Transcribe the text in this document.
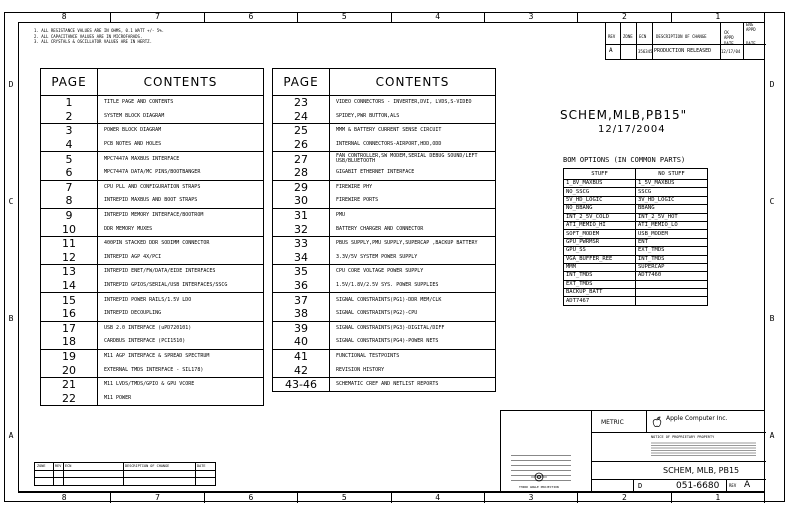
8	7	6	5	4	3	2	1
8	7	6	5	4	3	2	1
D
C
B
A
D
C
B
A
1. ALL RESISTANCE VALUES ARE IN OHMS, 0.1 WATT +/- 5%.
2. ALL CAPACITANCE VALUES ARE IN MICROFARADS.
3. ALL CRYSTALS & OSCILLATOR VALUES ARE IN HERTZ.
REV ZONE ECN DESCRIPTION OF CHANGE
CK APPD
ENG APPD
A	356345 PRODUCTION RELEASED 12/17/04
PAGE	CONTENTS
1	TITLE PAGE AND CONTENTS
2	SYSTEM BLOCK DIAGRAM
3	POWER BLOCK DIAGRAM
4	PCB NOTES AND HOLES
5	MPC7447A MAXBUS INTERFACE
6	MPC7447A DATA/MC PINS/BOOTBANGER
7	CPU PLL AND CONFIGURATION STRAPS
8	INTREPID MAXBUS AND BOOT STRAPS
9	INTREPID MEMORY INTERFACE/BOOTROM
10	DDR MEMORY MUXES
11	400PIN STACKED DDR SODIMM CONNECTOR
12	INTREPID AGP 4X/PCI
13	INTREPID ENET/FW/DATA/EIDE INTERFACES
14	INTREPID GPIOS/SERIAL/USB INTERFACES/SSCG
15	INTREPID POWER RAILS/1.5V LDO
16	INTREPID DECOUPLING
17	USB 2.0 INTERFACE (uPD720101)
18	CARDBUS INTERFACE (PCI1510)
19	M11 AGP INTERFACE & SPREAD SPECTRUM
20	EXTERNAL TMDS INTERFACE - SIL178)
21	M11 LVDS/TMDS/GPIO & GPU VCORE
22	M11 POWER
PAGE	CONTENTS
23	VIDEO CONNECTORS - INVERTER,DVI, LVDS,S-VIDEO
24	SPIDEY,PWR BUTTON,ALS
25	MMM & BATTERY CURRENT SENSE CIRCUIT
26	INTERNAL CONNECTORS-AIRPORT,HDD,ODD
27	FAN CONTROLLER,SW MODEM,SERIAL DEBUG SOUND/LEFT USB/BLUETOOTH
28	GIGABIT ETHERNET INTERFACE
29	FIREWIRE PHY
30	FIREWIRE PORTS
31	PMU
32	BATTERY CHARGER AND CONNECTOR
33	PBUS SUPPLY,PMU SUPPLY,SUPERCAP ,BACKUP BATTERY
34	3.3V/5V SYSTEM POWER SUPPLY
35	CPU CORE VOLTAGE POWER SUPPLY
36	1.5V/1.8V/2.5V SYS. POWER SUPPLIES
37	SIGNAL CONSTRAINTS(PG1)-DDR MEM/CLK
38	SIGNAL CONSTRAINTS(PG2)-CPU
39	SIGNAL CONSTRAINTS(PG3)-DIGITAL/DIFF
40	SIGNAL CONSTRAINTS(PG4)-POWER NETS
41	FUNCTIONAL TESTPOINTS
42	REVISION HISTORY
43-46	SCHEMATIC CREF AND NETLIST REPORTS
SCHEM,MLB,PB15"
12/17/2004
BOM OPTIONS (IN COMMON PARTS)
STUFF	NO STUFF
1_8V_MAXBUS	1_5V_MAXBUS
NO_SSCG	SSCG
5V_HD_LOGIC	3V_HD_LOGIC
NO_BBANG	BBANG
INT_2_5V_COLD	INT_2_5V_HOT
ATI_MEMIO_HI	ATI_MEMIO_LO
SOFT_MODEM	USB_MODEM
GPU_PWRMSR	ENT
GPU_SS	EXT_TMDS
VGA_BUFFER_REE	INT_TMDS
MMM	SUPERCAP
INT_TMDS	ADT7460
EXT_TMDS	
BACKUP_BATT	
ADT7467	
ZONE	REV ECN	DESCRIPTION OF CHANGE	DATE
METRIC
Apple Computer Inc.
NOTICE OF PROPRIETARY PROPERTY
SCHEM, MLB, PB15
D	051-6680 REV A
THIRD ANGLE PROJECTION
